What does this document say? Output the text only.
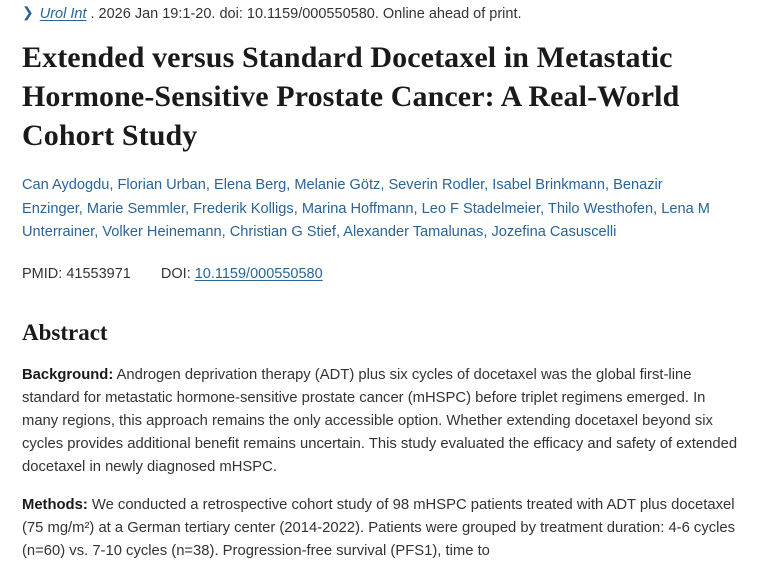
❯ Urol Int . 2026 Jan 19:1-20. doi: 10.1159/000550580. Online ahead of print.
Extended versus Standard Docetaxel in Metastatic Hormone-Sensitive Prostate Cancer: A Real-World Cohort Study
Can Aydogdu, Florian Urban, Elena Berg, Melanie Götz, Severin Rodler, Isabel Brinkmann, Benazir Enzinger, Marie Semmler, Frederik Kolligs, Marina Hoffmann, Leo F Stadelmeier, Thilo Westhofen, Lena M Unterrainer, Volker Heinemann, Christian G Stief, Alexander Tamalunas, Jozefina Casuscelli
PMID: 41553971 DOI: 10.1159/000550580
Abstract
Background: Androgen deprivation therapy (ADT) plus six cycles of docetaxel was the global first-line standard for metastatic hormone-sensitive prostate cancer (mHSPC) before triplet regimens emerged. In many regions, this approach remains the only accessible option. Whether extending docetaxel beyond six cycles provides additional benefit remains uncertain. This study evaluated the efficacy and safety of extended docetaxel in newly diagnosed mHSPC.
Methods: We conducted a retrospective cohort study of 98 mHSPC patients treated with ADT plus docetaxel (75 mg/m²) at a German tertiary center (2014-2022). Patients were grouped by treatment duration: 4-6 cycles (n=60) vs. 7-10 cycles (n=38). Progression-free survival (PFS1), time to
